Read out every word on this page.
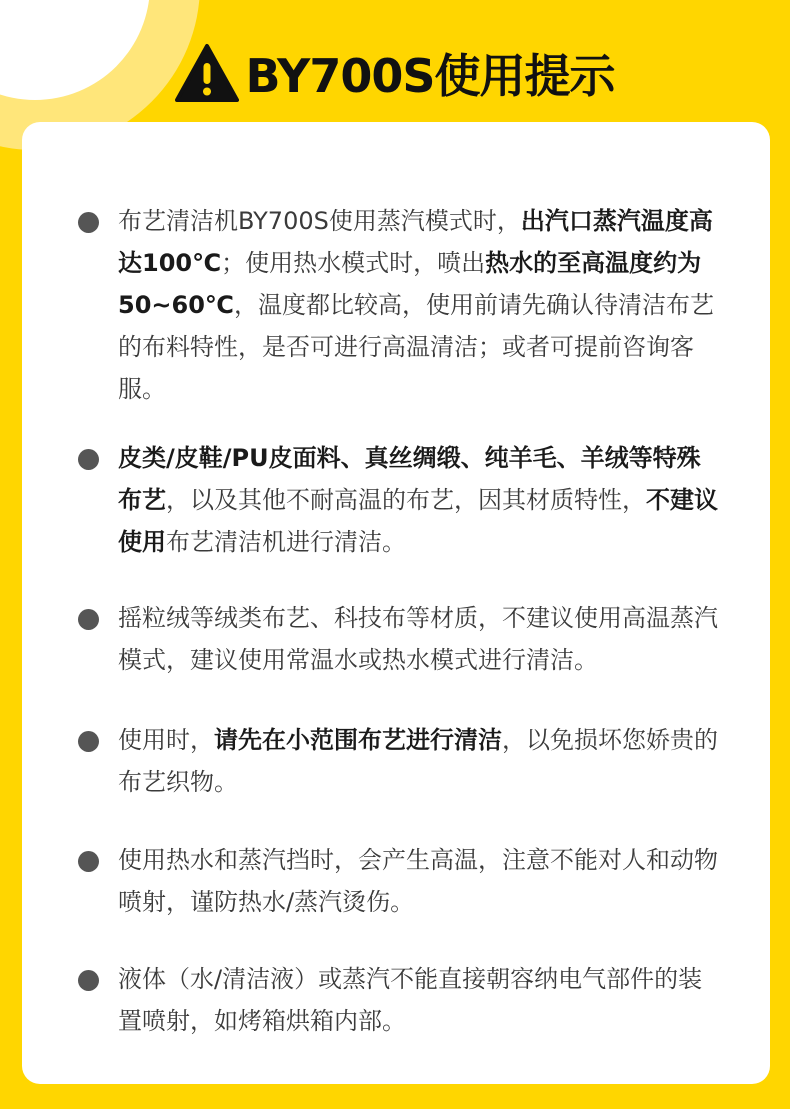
BY700S使用提示
布艺清洁机BY700S使用蒸汽模式时，出汽口蒸汽温度高达100℃；使用热水模式时，喷出热水的至高温度约为50~60℃，温度都比较高，使用前请先确认待清洁布艺的布料特性，是否可进行高温清洁；或者可提前咨询客服。
皮类/皮鞋/PU皮面料、真丝绸缎、纯羊毛、羊绒等特殊布艺，以及其他不耐高温的布艺，因其材质特性，不建议使用布艺清洁机进行清洁。
摇粒绒等绒类布艺、科技布等材质，不建议使用高温蒸汽模式，建议使用常温水或热水模式进行清洁。
使用时，请先在小范围布艺进行清洁，以免损坏您娇贵的布艺织物。
使用热水和蒸汽挡时，会产生高温，注意不能对人和动物喷射，谨防热水/蒸汽烫伤。
液体（水/清洁液）或蒸汽不能直接朝容纳电气部件的装置喷射，如烤箱烘箱内部。
